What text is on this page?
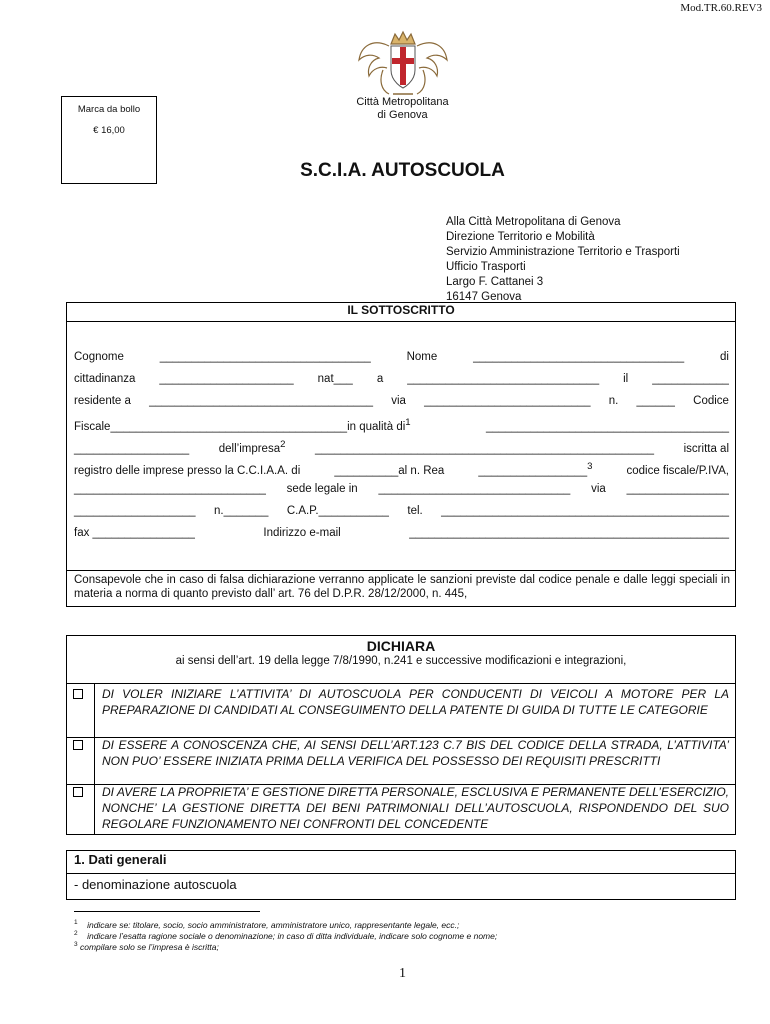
Mod.TR.60.REV3
Città Metropolitana
di Genova
Marca da bollo
€ 16,00
S.C.I.A. AUTOSCUOLA
Alla Città Metropolitana di Genova
Direzione Territorio e Mobilità
Servizio Amministrazione Territorio e Trasporti
Ufficio Trasporti
Largo F. Cattanei 3
16147 Genova
IL SOTTOSCRITTO
Cognome	_________________________________	Nome	_________________________________	di
cittadinanza _____________________ nat___ a ______________________________ il ____________
residente a ___________________________________ via __________________________ n. ______ Codice
Fiscale_____________________________________in qualità $di^1$	______________________________________
__________________	dell’impresa$^2$	_____________________________________________________	iscritta al
registro delle imprese presso la C.C.I.A.A. di	__________al n. Rea	_________________$^3$	codice fiscale/P.IVA,
______________________________ sede legale in ______________________________ via ________________
___________________ n._______ C.A.P.___________ tel. _____________________________________________
fax ________________	Indirizzo e-mail	__________________________________________________
Consapevole che in caso di falsa dichiarazione verranno applicate le sanzioni previste dal codice penale e dalle leggi speciali in materia a norma di quanto previsto dall’ art. 76 del D.P.R. 28/12/2000, n. 445,
DICHIARA
ai sensi dell’art. 19 della legge 7/8/1990, n.241 e successive modificazioni e integrazioni,
DI VOLER INIZIARE L’ATTIVITA’ DI AUTOSCUOLA PER CONDUCENTI DI VEICOLI A MOTORE PER LA PREPARAZIONE DI CANDIDATI AL CONSEGUIMENTO DELLA PATENTE DI GUIDA DI TUTTE LE CATEGORIE
DI ESSERE A CONOSCENZA CHE, AI SENSI DELL’ART.123 C.7 BIS DEL CODICE DELLA STRADA, L’ATTIVITA’ NON PUO’ ESSERE INIZIATA PRIMA DELLA VERIFICA DEL POSSESSO DEI REQUISITI PRESCRITTI
DI AVERE LA PROPRIETA’ E GESTIONE DIRETTA PERSONALE, ESCLUSIVA E PERMANENTE DELL’ESERCIZIO, NONCHE’ LA GESTIONE DIRETTA DEI BENI PATRIMONIALI DELL’AUTOSCUOLA, RISPONDENDO DEL SUO REGOLARE FUNZIONAMENTO NEI CONFRONTI DEL CONCEDENTE
1. Dati generali
- denominazione autoscuola
$^1$ indicare se: titolare, socio, socio amministratore, amministratore unico, rappresentante legale, ecc.;
$^2$ indicare l’esatta ragione sociale o denominazione; in caso di ditta individuale, indicare solo cognome e nome;
$^3$ compilare solo se l’impresa è iscritta;
1
